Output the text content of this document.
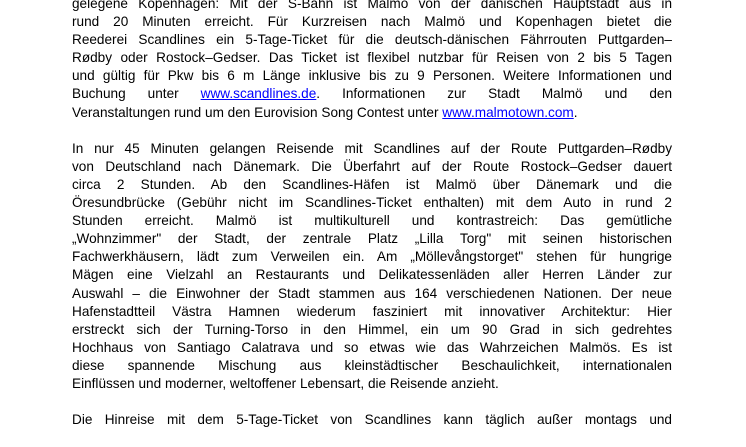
gelegene Kopenhagen: Mit der S-Bahn ist Malmö von der dänischen Hauptstadt aus in
rund 20 Minuten erreicht. Für Kurzreisen nach Malmö und Kopenhagen bietet die
Reederei Scandlines ein 5-Tage-Ticket für die deutsch-dänischen Fährrouten Puttgarden–
Rødby oder Rostock–Gedser. Das Ticket ist flexibel nutzbar für Reisen von 2 bis 5 Tagen
und gültig für Pkw bis 6 m Länge inklusive bis zu 9 Personen. Weitere Informationen und
Buchung unter www.scandlines.de. Informationen zur Stadt Malmö und den
Veranstaltungen rund um den Eurovision Song Contest unter www.malmotown.com.
In nur 45 Minuten gelangen Reisende mit Scandlines auf der Route Puttgarden–Rødby
von Deutschland nach Dänemark. Die Überfahrt auf der Route Rostock–Gedser dauert
circa 2 Stunden. Ab den Scandlines-Häfen ist Malmö über Dänemark und die
Öresundbrücke (Gebühr nicht im Scandlines-Ticket enthalten) mit dem Auto in rund 2
Stunden erreicht. Malmö ist multikulturell und kontrastreich: Das gemütliche
„Wohnzimmer" der Stadt, der zentrale Platz „Lilla Torg" mit seinen historischen
Fachwerkhäusern, lädt zum Verweilen ein. Am „Möllevångstorget" stehen für hungrige
Mägen eine Vielzahl an Restaurants und Delikatessenläden aller Herren Länder zur
Auswahl – die Einwohner der Stadt stammen aus 164 verschiedenen Nationen. Der neue
Hafenstadtteil Västra Hamnen wiederum fasziniert mit innovativer Architektur: Hier
erstreckt sich der Turning-Torso in den Himmel, ein um 90 Grad in sich gedrehtes
Hochhaus von Santiago Calatrava und so etwas wie das Wahrzeichen Malmös. Es ist
diese spannende Mischung aus kleinstädtischer Beschaulichkeit, internationalen
Einflüssen und moderner, weltoffener Lebensart, die Reisende anzieht.
Die Hinreise mit dem 5-Tage-Ticket von Scandlines kann täglich außer montags und
